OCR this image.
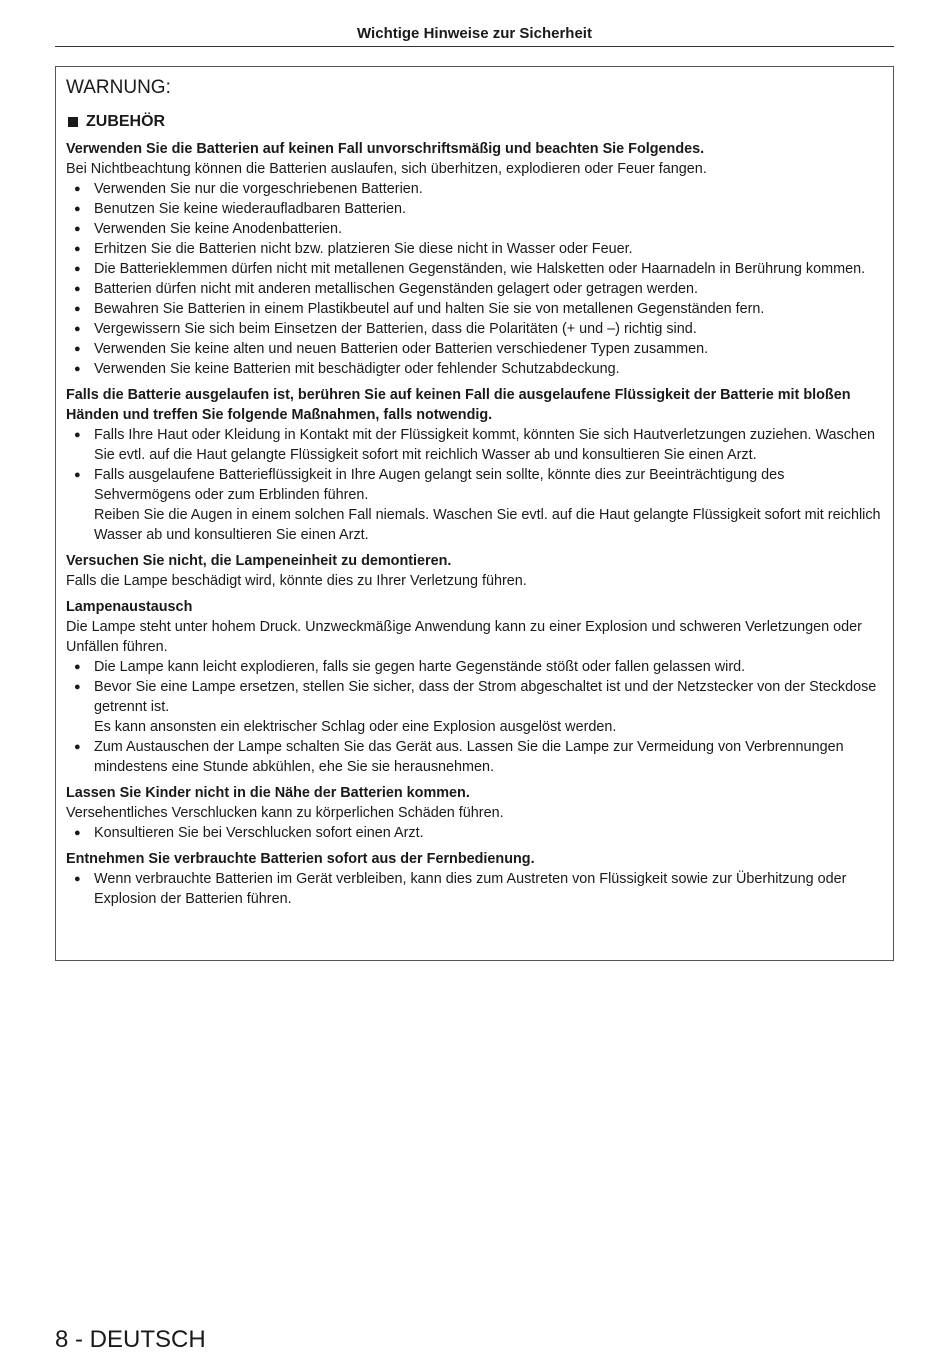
Wichtige Hinweise zur Sicherheit
WARNUNG:
ZUBEHÖR

Verwenden Sie die Batterien auf keinen Fall unvorschriftsmäßig und beachten Sie Folgendes.

Bei Nichtbeachtung können die Batterien auslaufen, sich überhitzen, explodieren oder Feuer fangen.

● Verwenden Sie nur die vorgeschriebenen Batterien.
● Benutzen Sie keine wiederaufladbaren Batterien.
● Verwenden Sie keine Anodenbatterien.
● Erhitzen Sie die Batterien nicht bzw. platzieren Sie diese nicht in Wasser oder Feuer.
● Die Batterieklemmen dürfen nicht mit metallenen Gegenständen, wie Halsketten oder Haarnadeln in Berührung kommen.
● Batterien dürfen nicht mit anderen metallischen Gegenständen gelagert oder getragen werden.
● Bewahren Sie Batterien in einem Plastikbeutel auf und halten Sie sie von metallenen Gegenständen fern.
● Vergewissern Sie sich beim Einsetzen der Batterien, dass die Polaritäten (+ und –) richtig sind.
● Verwenden Sie keine alten und neuen Batterien oder Batterien verschiedener Typen zusammen.
● Verwenden Sie keine Batterien mit beschädigter oder fehlender Schutzabdeckung.

Falls die Batterie ausgelaufen ist, berühren Sie auf keinen Fall die ausgelaufene Flüssigkeit der Batterie mit bloßen Händen und treffen Sie folgende Maßnahmen, falls notwendig.

● Falls Ihre Haut oder Kleidung in Kontakt mit der Flüssigkeit kommt, könnten Sie sich Hautverletzungen zuziehen. Waschen Sie evtl. auf die Haut gelangte Flüssigkeit sofort mit reichlich Wasser ab und konsultieren Sie einen Arzt.
● Falls ausgelaufene Batterieflüssigkeit in Ihre Augen gelangt sein sollte, könnte dies zur Beeinträchtigung des Sehvermögens oder zum Erblinden führen.
Reiben Sie die Augen in einem solchen Fall niemals. Waschen Sie evtl. auf die Haut gelangte Flüssigkeit sofort mit reichlich Wasser ab und konsultieren Sie einen Arzt.

Versuchen Sie nicht, die Lampeneinheit zu demontieren.

Falls die Lampe beschädigt wird, könnte dies zu Ihrer Verletzung führen.

Lampenaustausch

Die Lampe steht unter hohem Druck. Unzweckmäßige Anwendung kann zu einer Explosion und schweren Verletzungen oder Unfällen führen.

● Die Lampe kann leicht explodieren, falls sie gegen harte Gegenstände stößt oder fallen gelassen wird.
● Bevor Sie eine Lampe ersetzen, stellen Sie sicher, dass der Strom abgeschaltet ist und der Netzstecker von der Steckdose getrennt ist.
Es kann ansonsten ein elektrischer Schlag oder eine Explosion ausgelöst werden.
● Zum Austauschen der Lampe schalten Sie das Gerät aus. Lassen Sie die Lampe zur Vermeidung von Verbrennungen mindestens eine Stunde abkühlen, ehe Sie sie herausnehmen.

Lassen Sie Kinder nicht in die Nähe der Batterien kommen.

Versehentliches Verschlucken kann zu körperlichen Schäden führen.

● Konsultieren Sie bei Verschlucken sofort einen Arzt.

Entnehmen Sie verbrauchte Batterien sofort aus der Fernbedienung.

● Wenn verbrauchte Batterien im Gerät verbleiben, kann dies zum Austreten von Flüssigkeit sowie zur Überhitzung oder Explosion der Batterien führen.
8 - DEUTSCH
